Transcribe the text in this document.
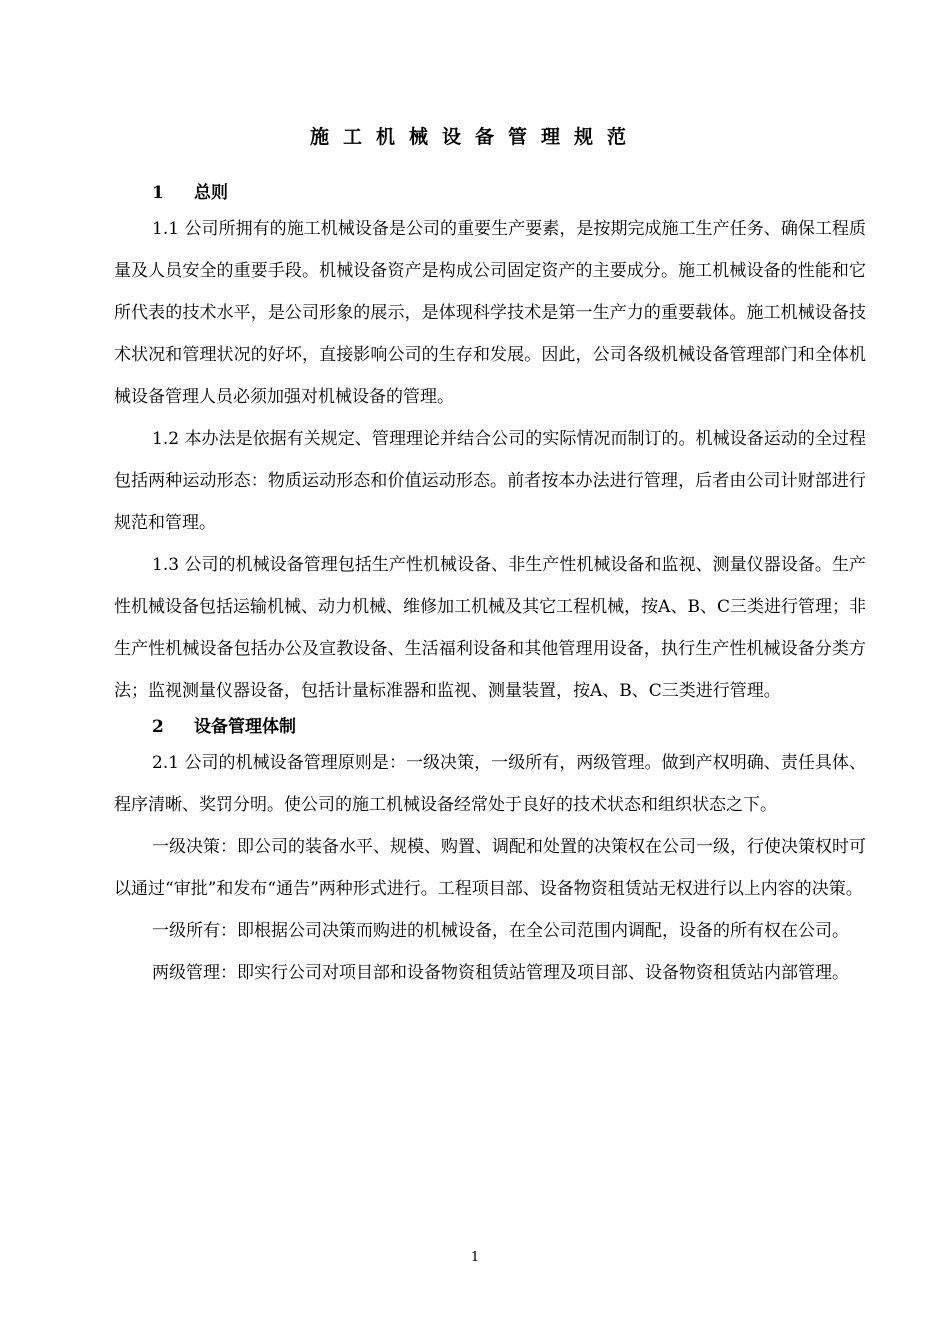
施工机械设备管理规范
1 总则
1.1 公司所拥有的施工机械设备是公司的重要生产要素，是按期完成施工生产任务、确保工程质量及人员安全的重要手段。机械设备资产是构成公司固定资产的主要成分。施工机械设备的性能和它所代表的技术水平，是公司形象的展示，是体现科学技术是第一生产力的重要载体。施工机械设备技术状况和管理状况的好坏，直接影响公司的生存和发展。因此，公司各级机械设备管理部门和全体机械设备管理人员必须加强对机械设备的管理。
1.2 本办法是依据有关规定、管理理论并结合公司的实际情况而制订的。机械设备运动的全过程包括两种运动形态：物质运动形态和价值运动形态。前者按本办法进行管理，后者由公司计财部进行规范和管理。
1.3 公司的机械设备管理包括生产性机械设备、非生产性机械设备和监视、测量仪器设备。生产性机械设备包括运输机械、动力机械、维修加工机械及其它工程机械，按A、B、C三类进行管理；非生产性机械设备包括办公及宣教设备、生活福利设备和其他管理用设备，执行生产性机械设备分类方法；监视测量仪器设备，包括计量标准器和监视、测量装置，按A、B、C三类进行管理。
2 设备管理体制
2.1 公司的机械设备管理原则是：一级决策，一级所有，两级管理。做到产权明确、责任具体、程序清晰、奖罚分明。使公司的施工机械设备经常处于良好的技术状态和组织状态之下。
一级决策：即公司的装备水平、规模、购置、调配和处置的决策权在公司一级，行使决策权时可以通过“审批”和发布“通告”两种形式进行。工程项目部、设备物资租赁站无权进行以上内容的决策。
一级所有：即根据公司决策而购进的机械设备，在全公司范围内调配，设备的所有权在公司。
两级管理：即实行公司对项目部和设备物资租赁站管理及项目部、设备物资租赁站内部管理。
1
